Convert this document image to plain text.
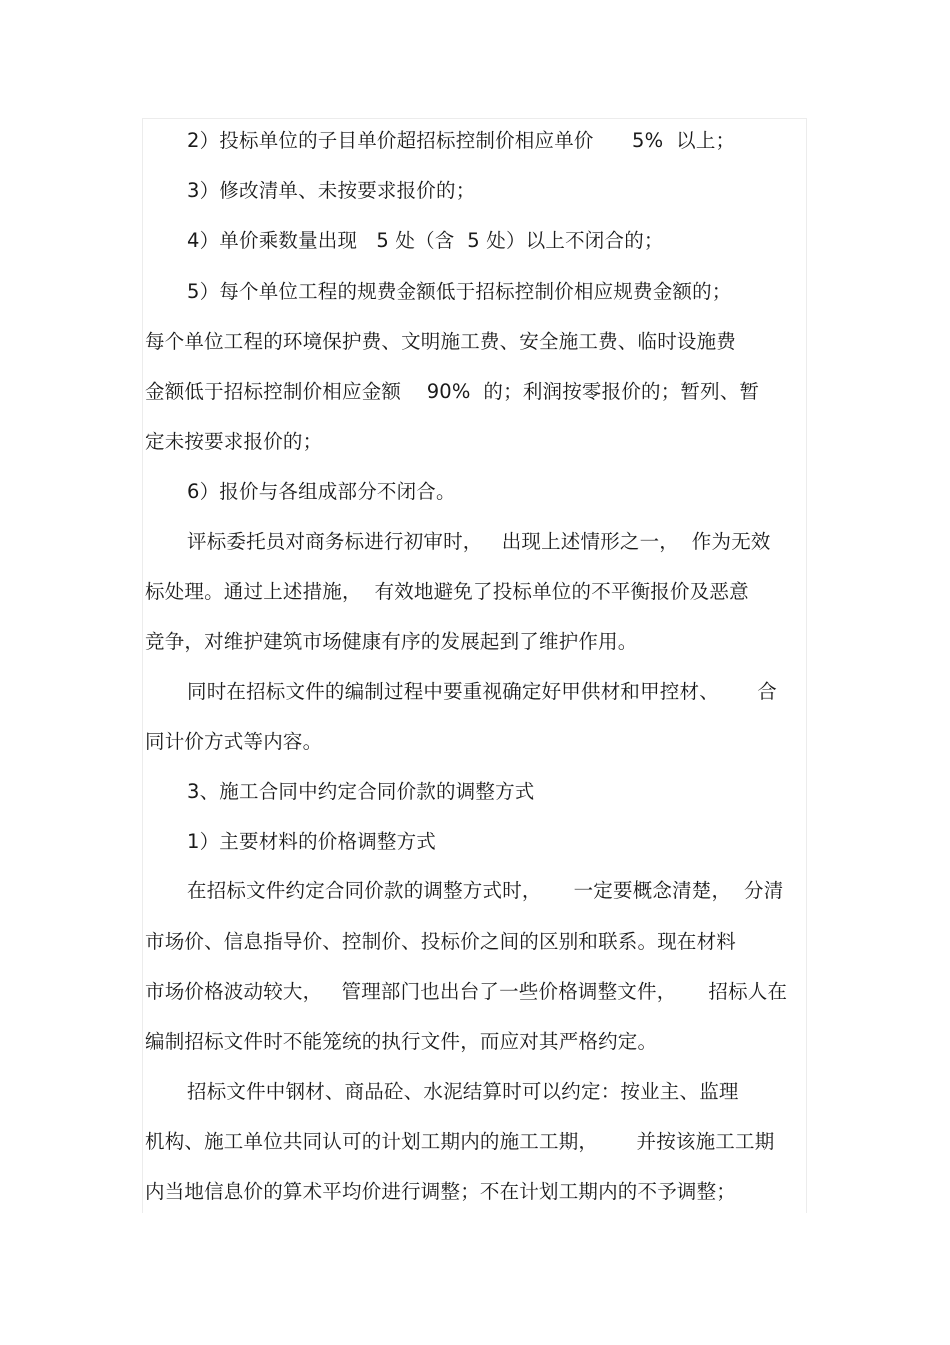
2）投标单位的子目单价超招标控制价相应单价      5%  以上；
3）修改清单、未按要求报价的；
4）单价乘数量出现   5 处（含  5 处）以上不闭合的；
5）每个单位工程的规费金额低于招标控制价相应规费金额的；
每个单位工程的环境保护费、文明施工费、安全施工费、临时设施费
金额低于招标控制价相应金额    90%  的；利润按零报价的；暂列、暂
定未按要求报价的；
6）报价与各组成部分不闭合。
评标委托员对商务标进行初审时，   出现上述情形之一，  作为无效
标处理。通过上述措施，  有效地避免了投标单位的不平衡报价及恶意
竞争，对维护建筑市场健康有序的发展起到了维护作用。
同时在招标文件的编制过程中要重视确定好甲供材和甲控材、      合
同计价方式等内容。
3、施工合同中约定合同价款的调整方式
1）主要材料的价格调整方式
在招标文件约定合同价款的调整方式时，     一定要概念清楚，  分清
市场价、信息指导价、控制价、投标价之间的区别和联系。现在材料
市场价格波动较大，   管理部门也出台了一些价格调整文件，     招标人在
编制招标文件时不能笼统的执行文件，而应对其严格约定。
招标文件中钢材、商品砼、水泥结算时可以约定：按业主、监理
机构、施工单位共同认可的计划工期内的施工工期，      并按该施工工期
内当地信息价的算术平均价进行调整；不在计划工期内的不予调整；
